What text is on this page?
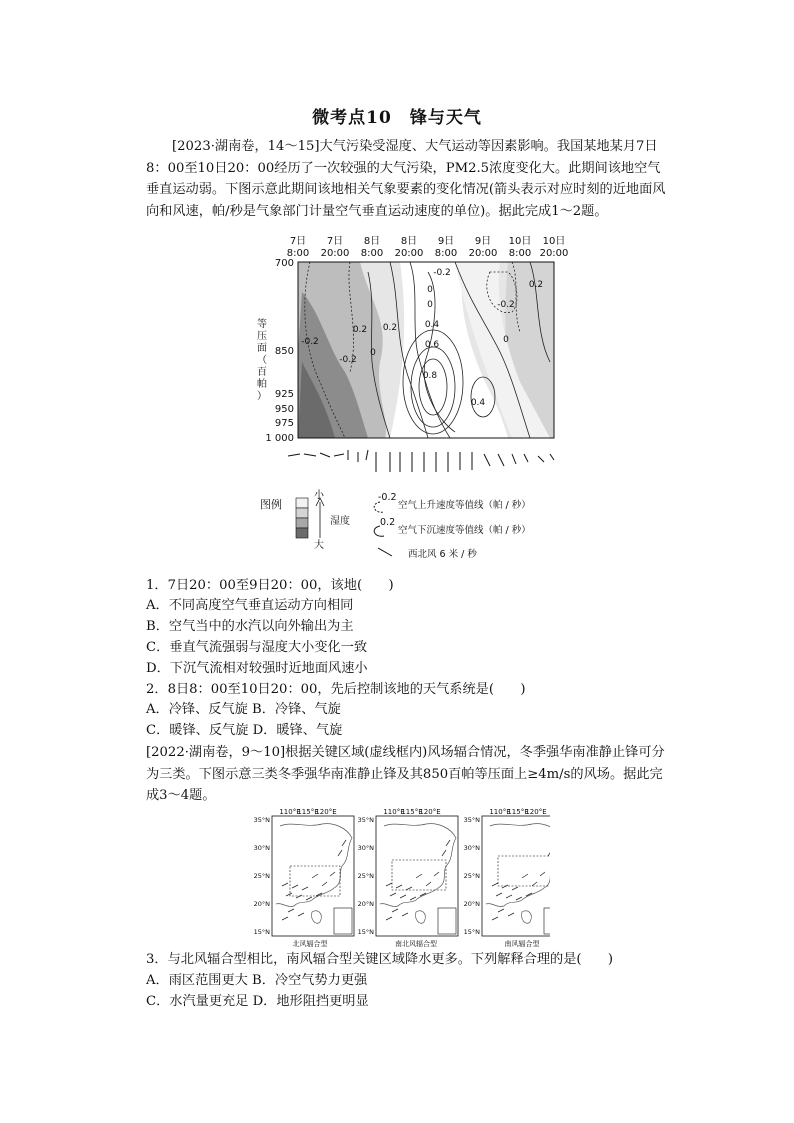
微考点10　锋与天气
[2023·湖南卷，14～15]大气污染受湿度、大气运动等因素影响。我国某地某月7日8：00至10日20：00经历了一次较强的大气污染，PM2.5浓度变化大。此期间该地空气垂直运动弱。下图示意此期间该地相关气象要素的变化情况(箭头表示对应时刻的近地面风向和风速，帕/秒是气象部门计量空气垂直运动速度的单位)。据此完成1～2题。
7日
8:00
7日
20:00
8日
8:00
8日
20:00
9日
8:00
9日
20:00
10日
8:00
10日
20:00
700
850
925
950
975
1 000
等
压
面
（
百
帕
）
-0.2
-0.2
0.2
0
0.2	0.4
0.6
0.8
0.4
0
-0.2
0.2
-0.2
0
0
图例
小
大
湿度
-0.2
空气上升速度等值线（帕 / 秒）
0.2
空气下沉速度等值线（帕 / 秒）
西北风 6 米 / 秒
1．7日20：00至9日20：00，该地(　　)
A．不同高度空气垂直运动方向相同
B．空气当中的水汽以向外输出为主
C．垂直气流强弱与湿度大小变化一致
D．下沉气流相对较强时近地面风速小
2．8日8：00至10日20：00，先后控制该地的天气系统是(　　)
A．冷锋、反气旋 B．冷锋、气旋
C．暖锋、反气旋 D．暖锋、气旋
[2022·湖南卷，9～10]根据关键区域(虚线框内)风场辐合情况，冬季强华南准静止锋可分为三类。下图示意三类冬季强华南准静止锋及其850百帕等压面上≥4m/s的风场。据此完成3～4题。
110°E
115°E
120°E	110°E
115°E
120°E	110°E
115°E
120°E
35°N
30°N
25°N
20°N
15°N
35°N
30°N
25°N
20°N
15°N
35°N
30°N
25°N
20°N
15°N
北风辐合型	南北风辐合型	南风辐合型
3．与北风辐合型相比，南风辐合型关键区域降水更多。下列解释合理的是(　　)
A．雨区范围更大 B．冷空气势力更强
C．水汽量更充足 D．地形阻挡更明显
